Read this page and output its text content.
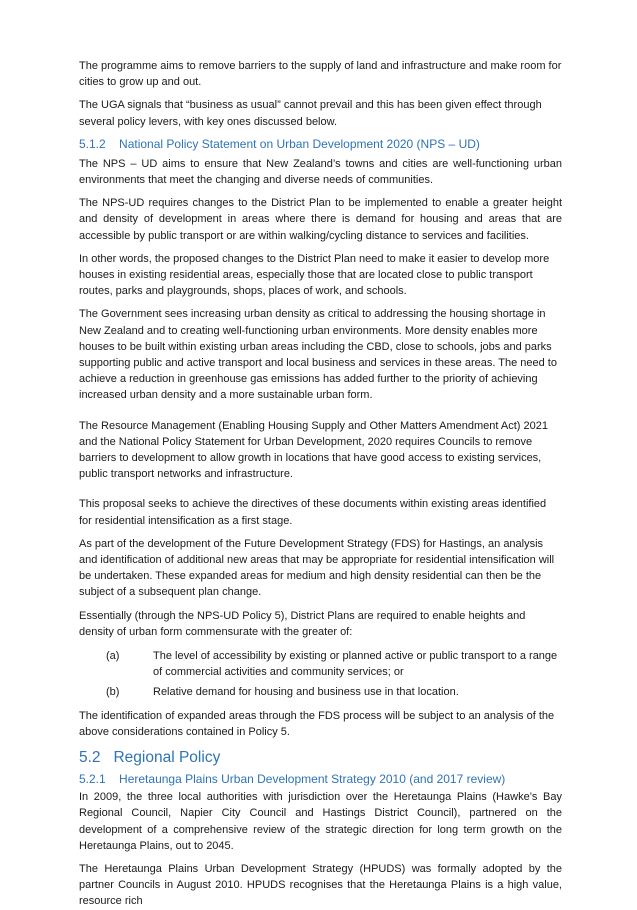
The programme aims to remove barriers to the supply of land and infrastructure and make room for cities to grow up and out.

The UGA signals that “business as usual” cannot prevail and this has been given effect through several policy levers, with key ones discussed below.

5.1.2 National Policy Statement on Urban Development 2020 (NPS – UD)

The NPS – UD aims to ensure that New Zealand’s towns and cities are well-functioning urban environments that meet the changing and diverse needs of communities.

The NPS-UD requires changes to the District Plan to be implemented to enable a greater height and density of development in areas where there is demand for housing and areas that are accessible by public transport or are within walking/cycling distance to services and facilities.

In other words, the proposed changes to the District Plan need to make it easier to develop more houses in existing residential areas, especially those that are located close to public transport routes, parks and playgrounds, shops, places of work, and schools.

The Government sees increasing urban density as critical to addressing the housing shortage in New Zealand and to creating well-functioning urban environments. More density enables more houses to be built within existing urban areas including the CBD, close to schools, jobs and parks supporting public and active transport and local business and services in these areas. The need to achieve a reduction in greenhouse gas emissions has added further to the priority of achieving increased urban density and a more sustainable urban form.

The Resource Management (Enabling Housing Supply and Other Matters Amendment Act) 2021 and the National Policy Statement for Urban Development, 2020 requires Councils to remove barriers to development to allow growth in locations that have good access to existing services, public transport networks and infrastructure.

This proposal seeks to achieve the directives of these documents within existing areas identified for residential intensification as a first stage.

As part of the development of the Future Development Strategy (FDS) for Hastings, an analysis and identification of additional new areas that may be appropriate for residential intensification will be undertaken. These expanded areas for medium and high density residential can then be the subject of a subsequent plan change.

Essentially (through the NPS-UD Policy 5), District Plans are required to enable heights and density of urban form commensurate with the greater of:

(a)	The level of accessibility by existing or planned active or public transport to a range of commercial activities and community services; or
(b)	Relative demand for housing and business use in that location.

The identification of expanded areas through the FDS process will be subject to an analysis of the above considerations contained in Policy 5.

5.2 Regional Policy
5.2.1 Heretaunga Plains Urban Development Strategy 2010 (and 2017 review)

In 2009, the three local authorities with jurisdiction over the Heretaunga Plains (Hawke’s Bay Regional Council, Napier City Council and Hastings District Council), partnered on the development of a comprehensive review of the strategic direction for long term growth on the Heretaunga Plains, out to 2045.

The Heretaunga Plains Urban Development Strategy (HPUDS) was formally adopted by the partner Councils in August 2010. HPUDS recognises that the Heretaunga Plains is a high value, resource rich
